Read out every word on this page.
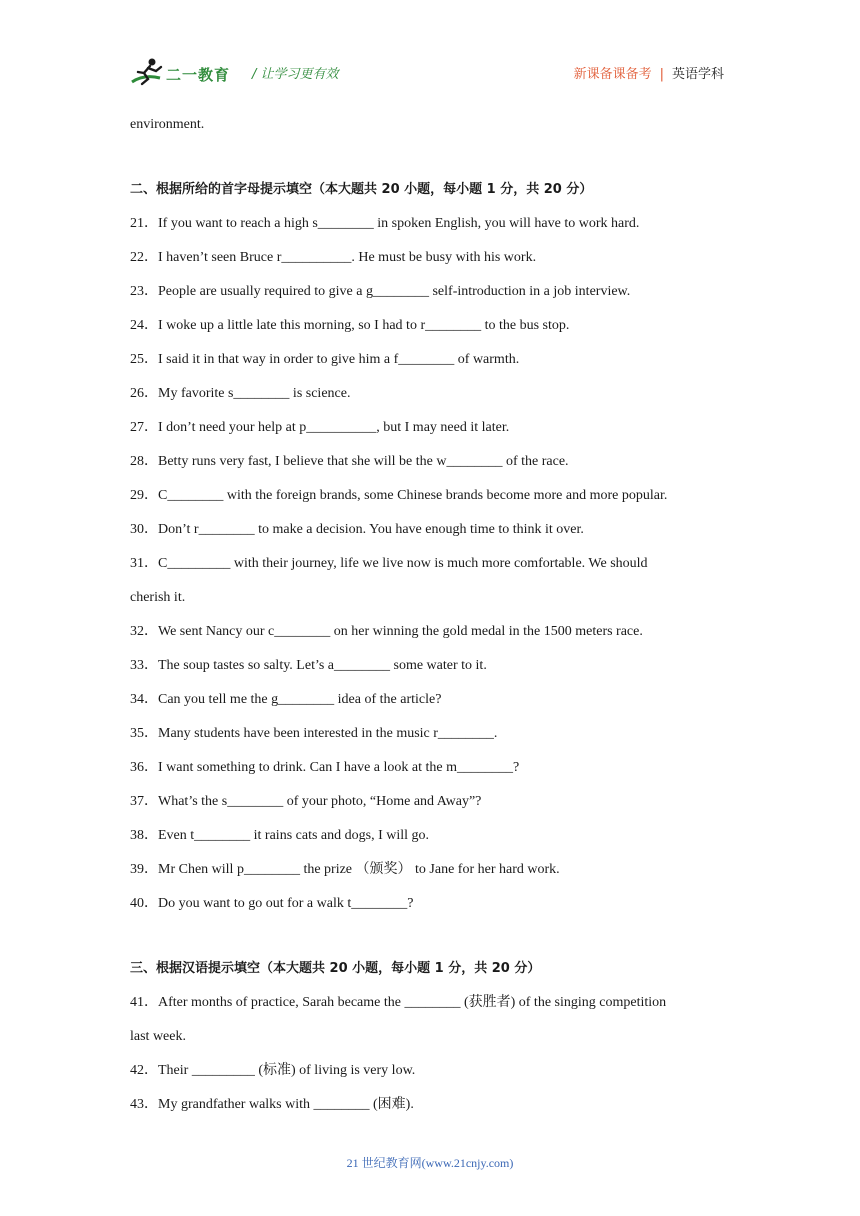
二一教育 / 让学习更有效	新课备课备考 | 英语学科
environment.
二、根据所给的首字母提示填空（本大题共 20 小题，每小题 1 分，共 20 分）
21．If you want to reach a high s________ in spoken English, you will have to work hard.
22．I haven’t seen Bruce r__________. He must be busy with his work.
23．People are usually required to give a g________ self-introduction in a job interview.
24．I woke up a little late this morning, so I had to r________ to the bus stop.
25．I said it in that way in order to give him a f________ of warmth.
26．My favorite s________ is science.
27．I don’t need your help at p__________, but I may need it later.
28．Betty runs very fast, I believe that she will be the w________ of the race.
29．C________ with the foreign brands, some Chinese brands become more and more popular.
30．Don’t r________ to make a decision. You have enough time to think it over.
31．C_________ with their journey, life we live now is much more comfortable. We should
cherish it.
32．We sent Nancy our c________ on her winning the gold medal in the 1500 meters race.
33．The soup tastes so salty. Let’s a________ some water to it.
34．Can you tell me the g________ idea of the article?
35．Many students have been interested in the music r________.
36．I want something to drink. Can I have a look at the m________?
37．What’s the s________ of your photo, “Home and Away”?
38．Even t________ it rains cats and dogs, I will go.
39．Mr Chen will p________ the prize （颁奖） to Jane for her hard work.
40．Do you want to go out for a walk t________?
三、根据汉语提示填空（本大题共 20 小题，每小题 1 分，共 20 分）
41．After months of practice, Sarah became the ________ (获胜者) of the singing competition
last week.
42．Their _________ (标准) of living is very low.
43．My grandfather walks with ________ (困难).
21 世纪教育网(www.21cnjy.com)
